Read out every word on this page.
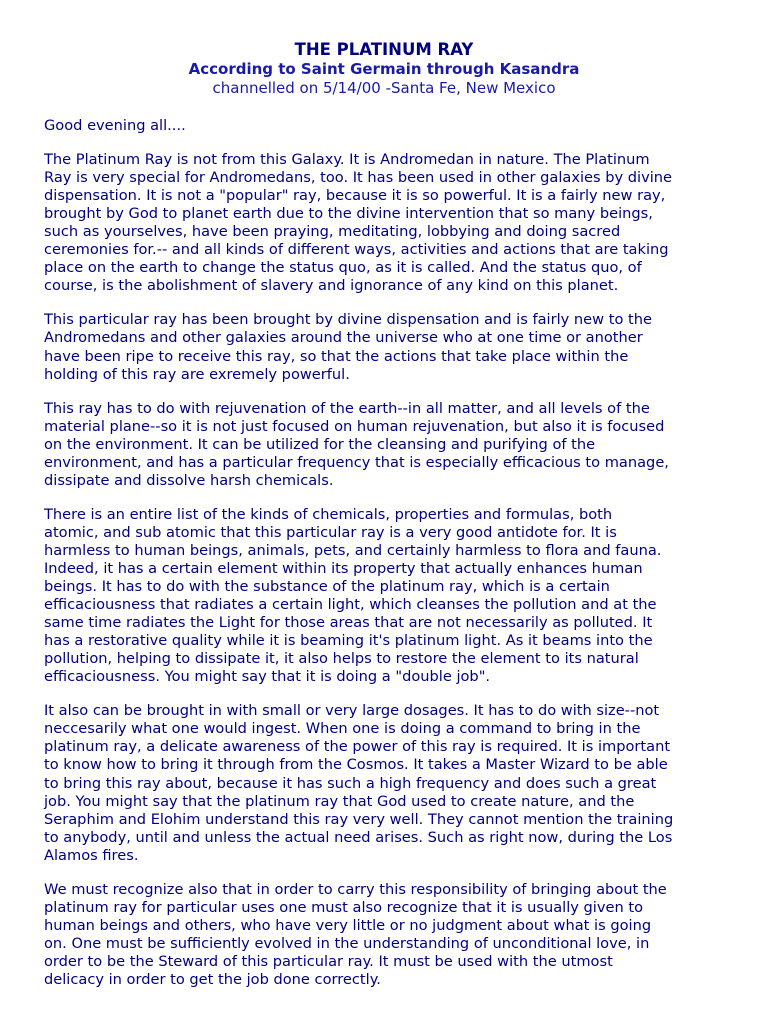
THE PLATINUM RAY

According to Saint Germain through Kasandra

channelled on 5/14/00 -Santa Fe, New Mexico

Good evening all....

The Platinum Ray is not from this Galaxy. It is Andromedan in nature. The Platinum
Ray is very special for Andromedans, too. It has been used in other galaxies by divine
dispensation. It is not a "popular" ray, because it is so powerful. It is a fairly new ray,
brought by God to planet earth due to the divine intervention that so many beings,
such as yourselves, have been praying, meditating, lobbying and doing sacred
ceremonies for.-- and all kinds of different ways, activities and actions that are taking
place on the earth to change the status quo, as it is called. And the status quo, of
course, is the abolishment of slavery and ignorance of any kind on this planet.

This particular ray has been brought by divine dispensation and is fairly new to the
Andromedans and other galaxies around the universe who at one time or another
have been ripe to receive this ray, so that the actions that take place within the
holding of this ray are exremely powerful.

This ray has to do with rejuvenation of the earth--in all matter, and all levels of the
material plane--so it is not just focused on human rejuvenation, but also it is focused
on the environment. It can be utilized for the cleansing and purifying of the
environment, and has a particular frequency that is especially efficacious to manage,
dissipate and dissolve harsh chemicals.

There is an entire list of the kinds of chemicals, properties and formulas, both
atomic, and sub atomic that this particular ray is a very good antidote for. It is
harmless to human beings, animals, pets, and certainly harmless to flora and fauna.
Indeed, it has a certain element within its property that actually enhances human
beings. It has to do with the substance of the platinum ray, which is a certain
efficaciousness that radiates a certain light, which cleanses the pollution and at the
same time radiates the Light for those areas that are not necessarily as polluted. It
has a restorative quality while it is beaming it's platinum light. As it beams into the
pollution, helping to dissipate it, it also helps to restore the element to its natural
efficaciousness. You might say that it is doing a "double job".

It also can be brought in with small or very large dosages. It has to do with size--not
neccesarily what one would ingest. When one is doing a command to bring in the
platinum ray, a delicate awareness of the power of this ray is required. It is important
to know how to bring it through from the Cosmos. It takes a Master Wizard to be able
to bring this ray about, because it has such a high frequency and does such a great
job. You might say that the platinum ray that God used to create nature, and the
Seraphim and Elohim understand this ray very well. They cannot mention the training
to anybody, until and unless the actual need arises. Such as right now, during the Los
Alamos fires.

We must recognize also that in order to carry this responsibility of bringing about the
platinum ray for particular uses one must also recognize that it is usually given to
human beings and others, who have very little or no judgment about what is going
on. One must be sufficiently evolved in the understanding of unconditional love, in
order to be the Steward of this particular ray. It must be used with the utmost
delicacy in order to get the job done correctly.
